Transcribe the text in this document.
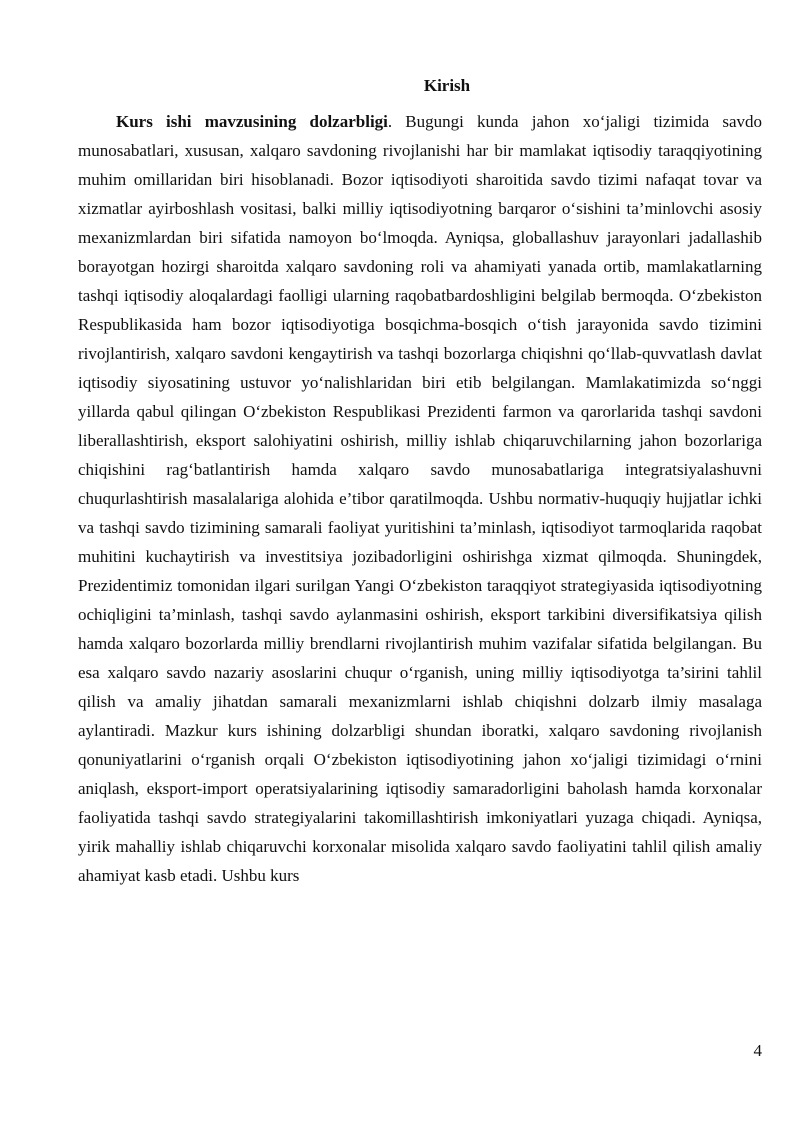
Kirish

Kurs ishi mavzusining dolzarbligi. Bugungi kunda jahon xo‘jaligi tizimida savdo munosabatlari, xususan, xalqaro savdoning rivojlanishi har bir mamlakat iqtisodiy taraqqiyotining muhim omillaridan biri hisoblanadi. Bozor iqtisodiyoti sharoitida savdo tizimi nafaqat tovar va xizmatlar ayirboshlash vositasi, balki milliy iqtisodiyotning barqaror o‘sishini ta’minlovchi asosiy mexanizmlardan biri sifatida namoyon bo‘lmoqda. Ayniqsa, globallashuv jarayonlari jadallashib borayotgan hozirgi sharoitda xalqaro savdoning roli va ahamiyati yanada ortib, mamlakatlarning tashqi iqtisodiy aloqalardagi faolligi ularning raqobatbardoshligini belgilab bermoqda. O‘zbekiston Respublikasida ham bozor iqtisodiyotiga bosqichma-bosqich o‘tish jarayonida savdo tizimini rivojlantirish, xalqaro savdoni kengaytirish va tashqi bozorlarga chiqishni qo‘llab-quvvatlash davlat iqtisodiy siyosatining ustuvor yo‘nalishlaridan biri etib belgilangan. Mamlakatimizda so‘nggi yillarda qabul qilingan O‘zbekiston Respublikasi Prezidenti farmon va qarorlarida tashqi savdoni liberallashtirish, eksport salohiyatini oshirish, milliy ishlab chiqaruvchilarning jahon bozorlariga chiqishini rag‘batlantirish hamda xalqaro savdo munosabatlariga integratsiyalashuvni chuqurlashtirish masalalariga alohida e’tibor qaratilmoqda. Ushbu normativ-huquqiy hujjatlar ichki va tashqi savdo tizimining samarali faoliyat yuritishini ta’minlash, iqtisodiyot tarmoqlarida raqobat muhitini kuchaytirish va investitsiya jozibadorligini oshirishga xizmat qilmoqda. Shuningdek, Prezidentimiz tomonidan ilgari surilgan Yangi O‘zbekiston taraqqiyot strategiyasida iqtisodiyotning ochiqligini ta’minlash, tashqi savdo aylanmasini oshirish, eksport tarkibini diversifikatsiya qilish hamda xalqaro bozorlarda milliy brendlarni rivojlantirish muhim vazifalar sifatida belgilangan. Bu esa xalqaro savdo nazariy asoslarini chuqur o‘rganish, uning milliy iqtisodiyotga ta’sirini tahlil qilish va amaliy jihatdan samarali mexanizmlarni ishlab chiqishni dolzarb ilmiy masalaga aylantiradi. Mazkur kurs ishining dolzarbligi shundan iboratki, xalqaro savdoning rivojlanish qonuniyatlarini o‘rganish orqali O‘zbekiston iqtisodiyotining jahon xo‘jaligi tizimidagi o‘rnini aniqlash, eksport-import operatsiyalarining iqtisodiy samaradorligini baholash hamda korxonalar faoliyatida tashqi savdo strategiyalarini takomillashtirish imkoniyatlari yuzaga chiqadi. Ayniqsa, yirik mahalliy ishlab chiqaruvchi korxonalar misolida xalqaro savdo faoliyatini tahlil qilish amaliy ahamiyat kasb etadi. Ushbu kurs

4
